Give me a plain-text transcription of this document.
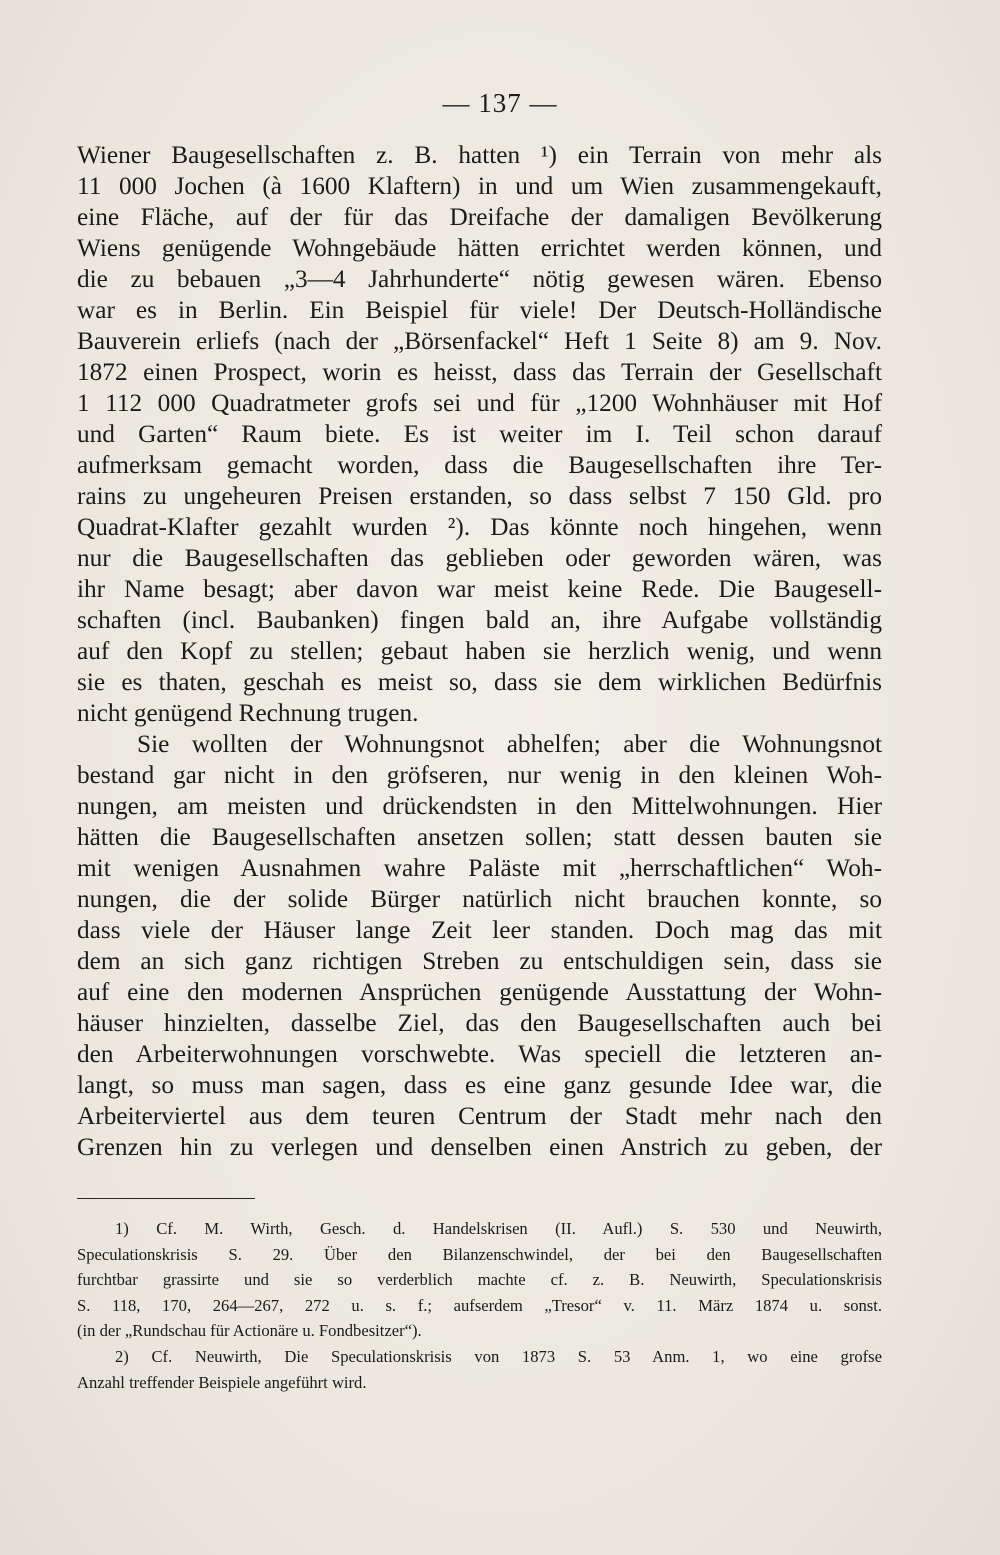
— 137 —
Wiener Baugesellschaften z. B. hatten ¹) ein Terrain von mehr als
11 000 Jochen (à 1600 Klaftern) in und um Wien zusammengekauft,
eine Fläche, auf der für das Dreifache der damaligen Bevölkerung
Wiens genügende Wohngebäude hätten errichtet werden können, und
die zu bebauen „3—4 Jahrhunderte“ nötig gewesen wären. Ebenso
war es in Berlin. Ein Beispiel für viele! Der Deutsch-Holländische
Bauverein erliefs (nach der „Börsenfackel“ Heft 1 Seite 8) am 9. Nov.
1872 einen Prospect, worin es heisst, dass das Terrain der Gesellschaft
1 112 000 Quadratmeter grofs sei und für „1200 Wohnhäuser mit Hof
und Garten“ Raum biete. Es ist weiter im I. Teil schon darauf
aufmerksam gemacht worden, dass die Baugesellschaften ihre Ter-
rains zu ungeheuren Preisen erstanden, so dass selbst 7 150 Gld. pro
Quadrat-Klafter gezahlt wurden ²). Das könnte noch hingehen, wenn
nur die Baugesellschaften das geblieben oder geworden wären, was
ihr Name besagt; aber davon war meist keine Rede. Die Baugesell-
schaften (incl. Baubanken) fingen bald an, ihre Aufgabe vollständig
auf den Kopf zu stellen; gebaut haben sie herzlich wenig, und wenn
sie es thaten, geschah es meist so, dass sie dem wirklichen Bedürfnis
nicht genügend Rechnung trugen.
Sie wollten der Wohnungsnot abhelfen; aber die Wohnungsnot
bestand gar nicht in den gröfseren, nur wenig in den kleinen Woh-
nungen, am meisten und drückendsten in den Mittelwohnungen. Hier
hätten die Baugesellschaften ansetzen sollen; statt dessen bauten sie
mit wenigen Ausnahmen wahre Paläste mit „herrschaftlichen“ Woh-
nungen, die der solide Bürger natürlich nicht brauchen konnte, so
dass viele der Häuser lange Zeit leer standen. Doch mag das mit
dem an sich ganz richtigen Streben zu entschuldigen sein, dass sie
auf eine den modernen Ansprüchen genügende Ausstattung der Wohn-
häuser hinzielten, dasselbe Ziel, das den Baugesellschaften auch bei
den Arbeiterwohnungen vorschwebte. Was speciell die letzteren an-
langt, so muss man sagen, dass es eine ganz gesunde Idee war, die
Arbeiterviertel aus dem teuren Centrum der Stadt mehr nach den
Grenzen hin zu verlegen und denselben einen Anstrich zu geben, der
1) Cf. M. Wirth, Gesch. d. Handelskrisen (II. Aufl.) S. 530 und Neuwirth,
Speculationskrisis S. 29. Über den Bilanzenschwindel, der bei den Baugesellschaften
furchtbar grassirte und sie so verderblich machte cf. z. B. Neuwirth, Speculationskrisis
S. 118, 170, 264—267, 272 u. s. f.; aufserdem „Tresor“ v. 11. März 1874 u. sonst.
(in der „Rundschau für Actionäre u. Fondbesitzer“).
2) Cf. Neuwirth, Die Speculationskrisis von 1873 S. 53 Anm. 1, wo eine grofse
Anzahl treffender Beispiele angeführt wird.
